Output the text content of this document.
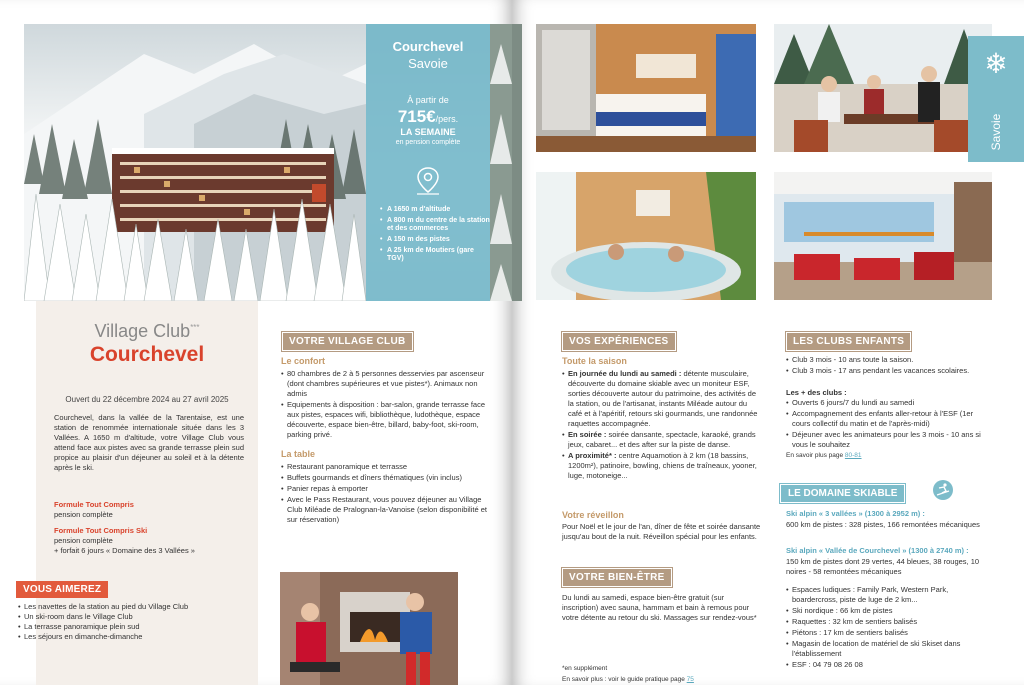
Courchevel
Savoie
À partir de
715€/pers.
LA SEMAINE
en pension complète
• A 1650 m d'altitude
• A 800 m du centre de la station et des commerces
• A 150 m des pistes
• A 25 km de Moutiers (gare TGV)
Village Club***
Courchevel
Ouvert du 22 décembre 2024 au 27 avril 2025
Courchevel, dans la vallée de la Tarentaise, est une station de renommée internationale située dans les 3 Vallées. A 1650 m d'altitude, votre Village Club vous attend face aux pistes avec sa grande terrasse plein sud propice au plaisir d'un déjeuner au soleil et à la détente après le ski.
Formule Tout Compris
pension complète
Formule Tout Compris Ski
pension complète
+ forfait 6 jours « Domaine des 3 Vallées »
VOUS AIMEREZ
• Les navettes de la station au pied du Village Club
• Un ski-room dans le Village Club
• La terrasse panoramique plein sud
• Les séjours en dimanche-dimanche
VOTRE VILLAGE CLUB
Le confort
• 80 chambres de 2 à 5 personnes desservies par ascenseur (dont chambres supérieures et vue pistes*). Animaux non admis
• Equipements à disposition : bar-salon, grande terrasse face aux pistes, espaces wifi, bibliothèque, ludothèque, espace découverte, espace bien-être, billard, baby-foot, ski-room, parking privé.
La table
• Restaurant panoramique et terrasse
• Buffets gourmands et dîners thématiques (vin inclus)
• Panier repas à emporter
• Avec le Pass Restaurant, vous pouvez déjeuner au Village Club Miléade de Pralognan-la-Vanoise (selon disponibilité et sur réservation)
❄
Savoie
VOS EXPÉRIENCES
Toute la saison
• En journée du lundi au samedi : détente musculaire, découverte du domaine skiable avec un moniteur ESF, sorties découverte autour du patrimoine, des activités de la station, ou de l'artisanat, instants Miléade autour du café et à l'apéritif, retours ski gourmands, une randonnée raquettes accompagnée.
• En soirée : soirée dansante, spectacle, karaoké, grands jeux, cabaret... et des after sur la piste de danse.
• A proximité* : centre Aquamotion à 2 km (18 bassins, 1200m²), patinoire, bowling, chiens de traîneaux, yooner, luge, motoneige...
Votre réveillon
Pour Noël et le jour de l'an, dîner de fête et soirée dansante jusqu'au bout de la nuit. Réveillon spécial pour les enfants.
VOTRE BIEN-ÊTRE
Du lundi au samedi, espace bien-être gratuit (sur inscription) avec sauna, hammam et bain à remous pour votre détente au retour du ski. Massages sur rendez-vous*
*en supplément
En savoir plus : voir le guide pratique page 75
LES CLUBS ENFANTS
• Club 3 mois - 10 ans toute la saison.
• Club 3 mois - 17 ans pendant les vacances scolaires.
Les + des clubs :
• Ouverts 6 jours/7 du lundi au samedi
• Accompagnement des enfants aller-retour à l'ESF (1er cours collectif du matin et de l'après-midi)
• Déjeuner avec les animateurs pour les 3 mois - 10 ans si vous le souhaitez
En savoir plus page 80-81
LE DOMAINE SKIABLE
Ski alpin « 3 vallées » (1300 à 2952 m) :
600 km de pistes : 328 pistes, 166 remontées mécaniques
Ski alpin « Vallée de Courchevel » (1300 à 2740 m) :
150 km de pistes dont 29 vertes, 44 bleues, 38 rouges, 10 noires - 58 remontées mécaniques
• Espaces ludiques : Family Park, Western Park, boardercross, piste de luge de 2 km...
• Ski nordique : 66 km de pistes
• Raquettes : 32 km de sentiers balisés
• Piétons : 17 km de sentiers balisés
• Magasin de location de matériel de ski Skiset dans l'établissement
• ESF : 04 79 08 26 08
